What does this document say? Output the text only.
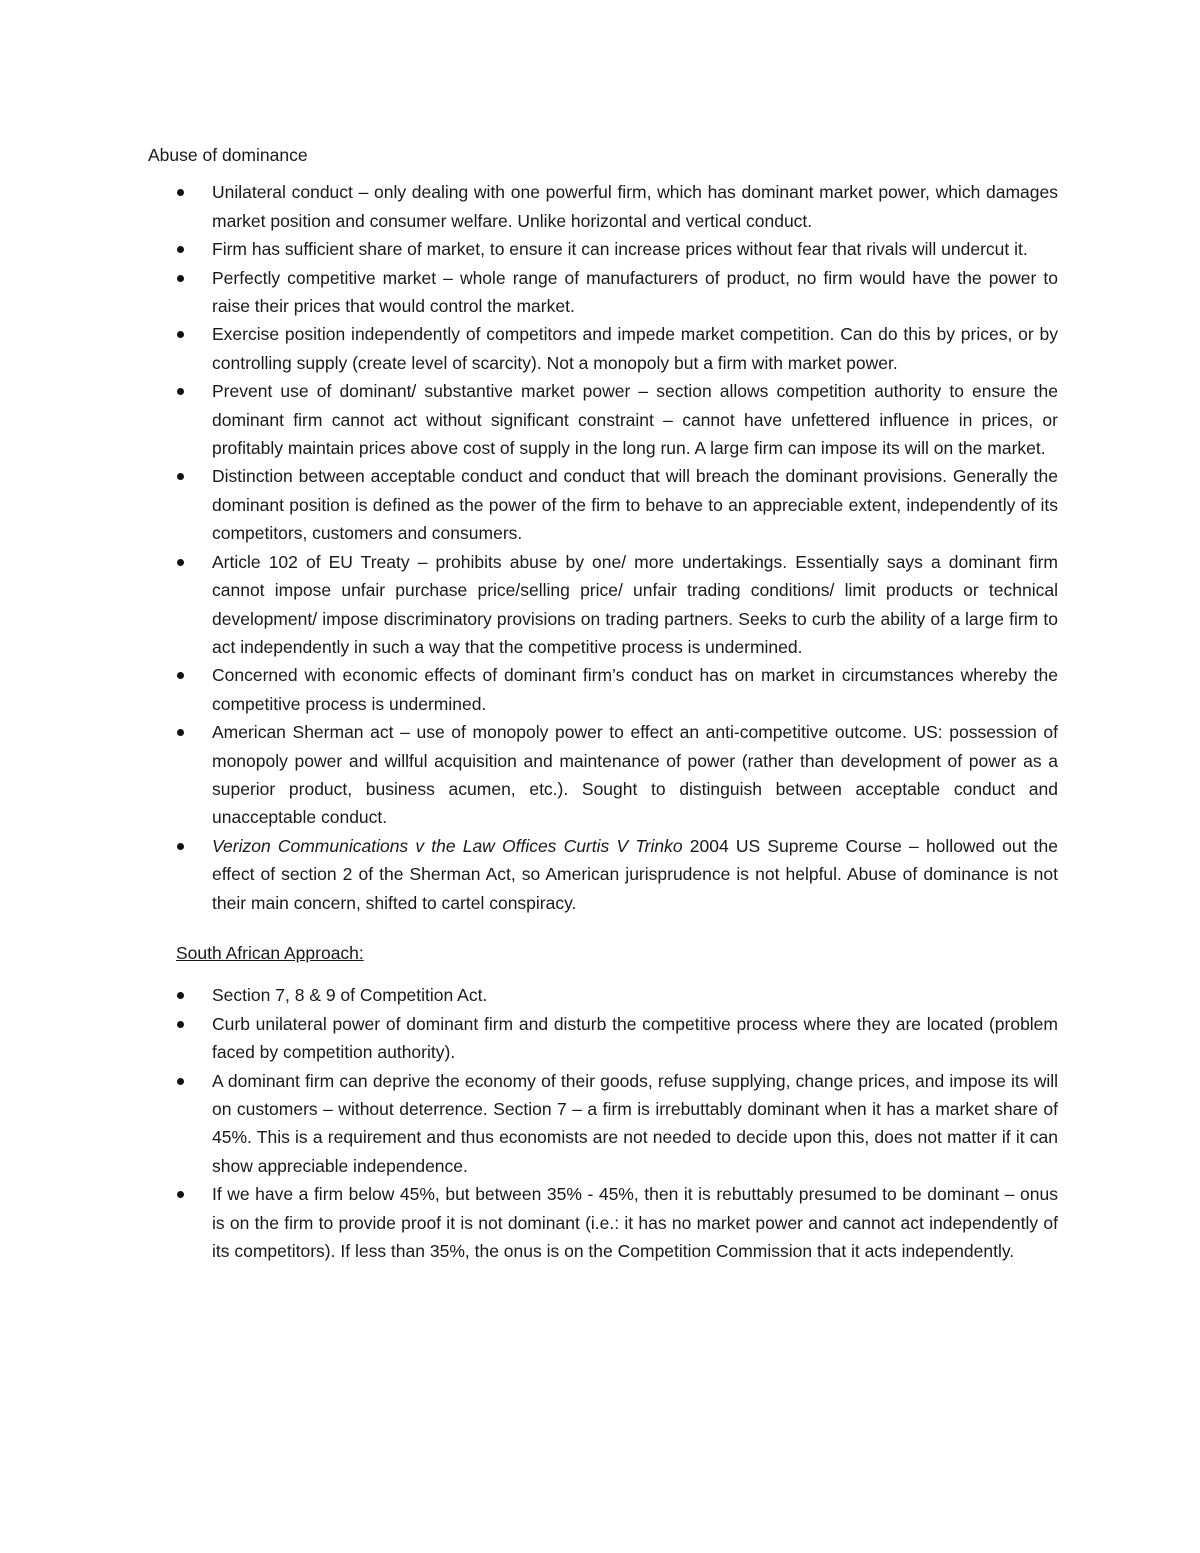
Abuse of dominance

Unilateral conduct – only dealing with one powerful firm, which has dominant market power, which damages market position and consumer welfare. Unlike horizontal and vertical conduct.
Firm has sufficient share of market, to ensure it can increase prices without fear that rivals will undercut it.
Perfectly competitive market – whole range of manufacturers of product, no firm would have the power to raise their prices that would control the market.
Exercise position independently of competitors and impede market competition. Can do this by prices, or by controlling supply (create level of scarcity). Not a monopoly but a firm with market power.
Prevent use of dominant/ substantive market power – section allows competition authority to ensure the dominant firm cannot act without significant constraint – cannot have unfettered influence in prices, or profitably maintain prices above cost of supply in the long run. A large firm can impose its will on the market.
Distinction between acceptable conduct and conduct that will breach the dominant provisions. Generally the dominant position is defined as the power of the firm to behave to an appreciable extent, independently of its competitors, customers and consumers.
Article 102 of EU Treaty – prohibits abuse by one/ more undertakings. Essentially says a dominant firm cannot impose unfair purchase price/selling price/ unfair trading conditions/ limit products or technical development/ impose discriminatory provisions on trading partners. Seeks to curb the ability of a large firm to act independently in such a way that the competitive process is undermined.
Concerned with economic effects of dominant firm’s conduct has on market in circumstances whereby the competitive process is undermined.
American Sherman act – use of monopoly power to effect an anti-competitive outcome. US: possession of monopoly power and willful acquisition and maintenance of power (rather than development of power as a superior product, business acumen, etc.). Sought to distinguish between acceptable conduct and unacceptable conduct.
Verizon Communications v the Law Offices Curtis V Trinko 2004 US Supreme Course – hollowed out the effect of section 2 of the Sherman Act, so American jurisprudence is not helpful. Abuse of dominance is not their main concern, shifted to cartel conspiracy.

South African Approach:

Section 7, 8 & 9 of Competition Act.
Curb unilateral power of dominant firm and disturb the competitive process where they are located (problem faced by competition authority).
A dominant firm can deprive the economy of their goods, refuse supplying, change prices, and impose its will on customers – without deterrence. Section 7 – a firm is irrebuttably dominant when it has a market share of 45%. This is a requirement and thus economists are not needed to decide upon this, does not matter if it can show appreciable independence.
If we have a firm below 45%, but between 35% - 45%, then it is rebuttably presumed to be dominant – onus is on the firm to provide proof it is not dominant (i.e.: it has no market power and cannot act independently of its competitors). If less than 35%, the onus is on the Competition Commission that it acts independently.
